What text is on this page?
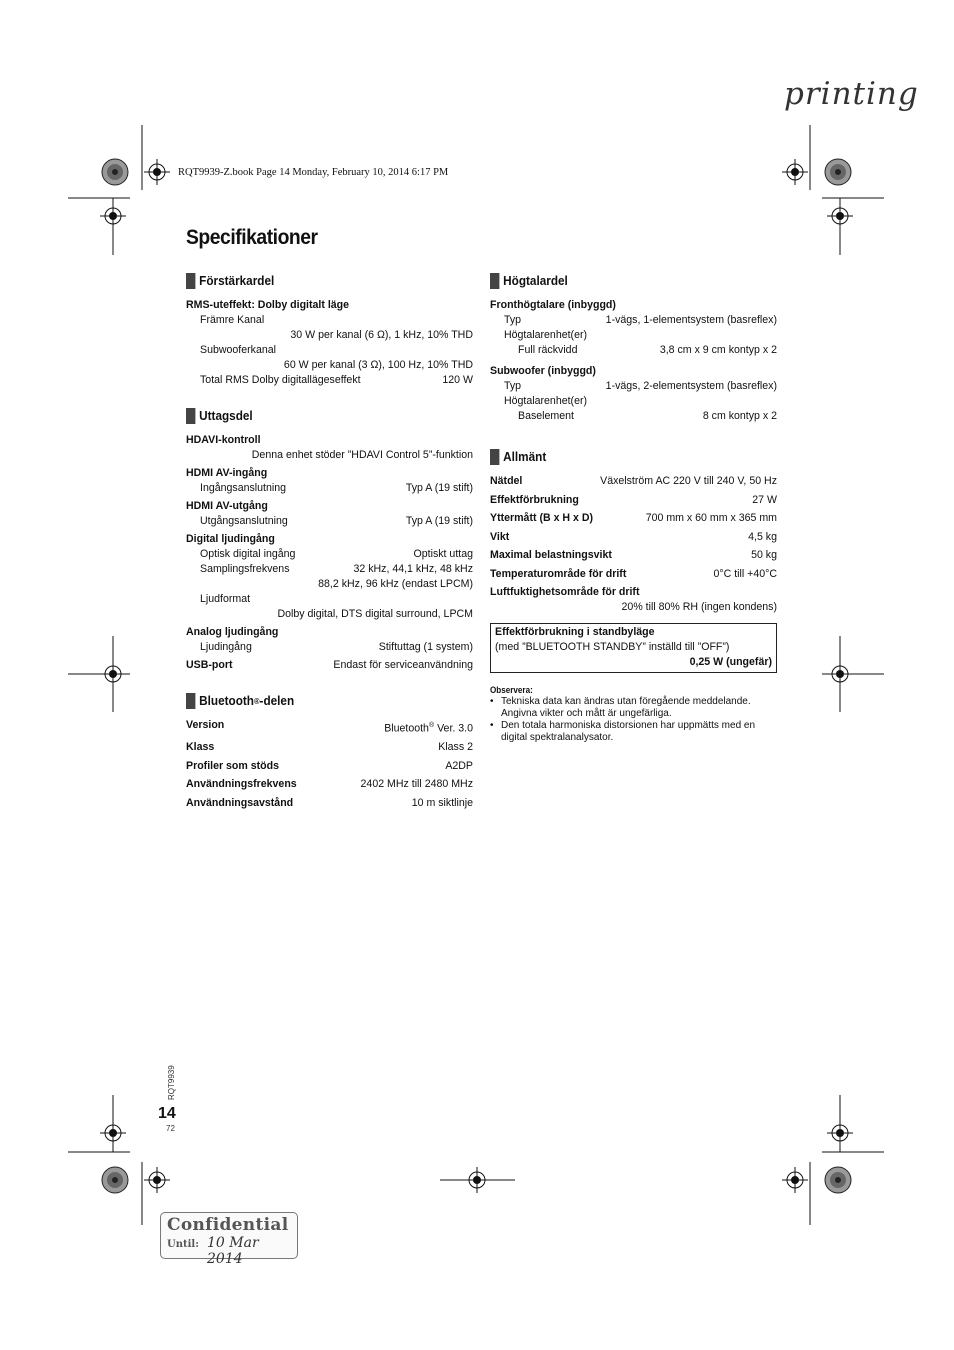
printing
RQT9939-Z.book Page 14 Monday, February 10, 2014 6:17 PM
Specifikationer
Förstärkardel
RMS-uteffekt: Dolby digitalt läge
Främre Kanal
30 W per kanal (6 Ω), 1 kHz, 10% THD
Subwooferkanal
60 W per kanal (3 Ω), 100 Hz, 10% THD
Total RMS Dolby digitallägeseffekt	120 W
Uttagsdel
HDAVI-kontroll
Denna enhet stöder ”HDAVI Control 5”-funktion
HDMI AV-ingång
Ingångsanslutning	Typ A (19 stift)
HDMI AV-utgång
Utgångsanslutning	Typ A (19 stift)
Digital ljudingång
Optisk digital ingång	Optiskt uttag
Samplingsfrekvens	32 kHz, 44,1 kHz, 48 kHz
88,2 kHz, 96 kHz (endast LPCM)
Ljudformat
Dolby digital, DTS digital surround, LPCM
Analog ljudingång
Ljudingång	Stiftuttag (1 system)
USB-port	Endast för serviceanvändning
Bluetooth ® -delen
Version	Bluetooth® Ver. 3.0
Klass	Klass 2
Profiler som stöds	A2DP
Användningsfrekvens	2402 MHz till 2480 MHz
Användningsavstånd	10 m siktlinje
Högtalardel
Fronthögtalare (inbyggd)
Typ	1-vägs, 1-elementsystem (basreflex)
Högtalarenhet(er)
Full räckvidd	3,8 cm x 9 cm kontyp x 2
Subwoofer (inbyggd)
Typ	1-vägs, 2-elementsystem (basreflex)
Högtalarenhet(er)
Baselement	8 cm kontyp x 2
Allmänt
Nätdel	Växelström AC 220 V till 240 V, 50 Hz
Effektförbrukning	27 W
Yttermått (B x H x D)	700 mm x 60 mm x 365 mm
Vikt	4,5 kg
Maximal belastningsvikt	50 kg
Temperaturområde för drift	0°C till +40°C
Luftfuktighetsområde för drift
20% till 80% RH (ingen kondens)
Effektförbrukning i standbyläge
(med ”BLUETOOTH STANDBY” inställd till ”OFF”)
0,25 W (ungefär)
Observera:
• Tekniska data kan ändras utan föregående meddelande. Angivna vikter och mått är ungefärliga.
• Den totala harmoniska distorsionen har uppmätts med en digital spektralanalysator.
RQT9939
14
72
Confidential
Until: 10 Mar 2014
